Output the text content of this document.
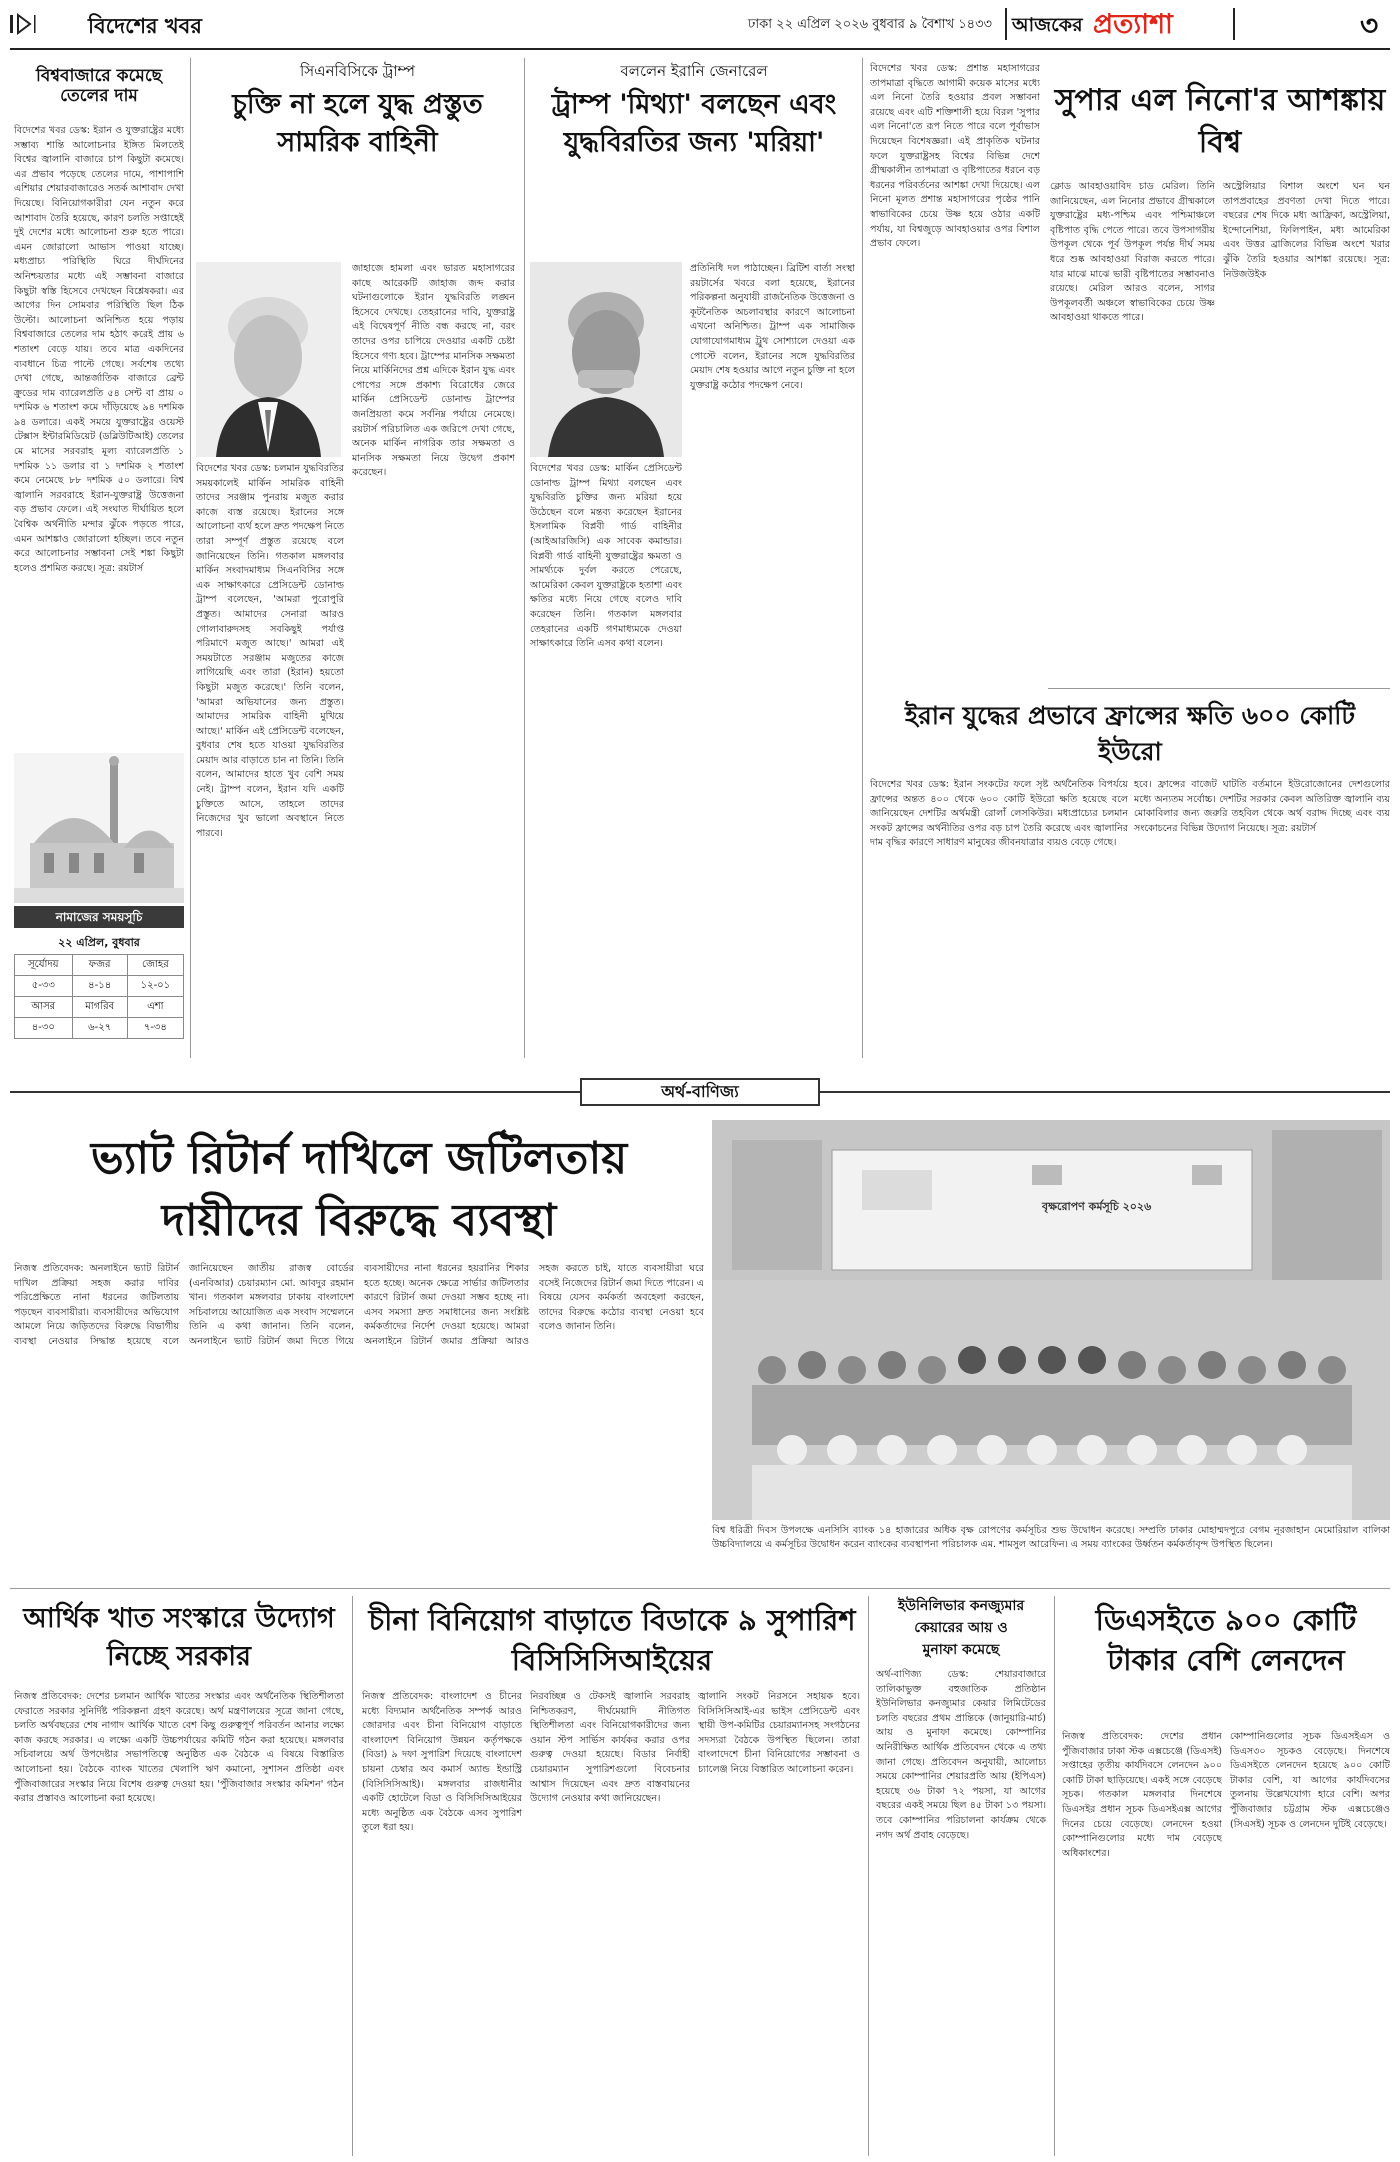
বিদেশের খবর	ঢাকা ২২ এপ্রিল ২০২৬ বুধবার ৯ বৈশাখ ১৪৩৩ আজকের প্রত্যাশা	৩
বিশ্ববাজারে কমেছে তেলের দাম
বিদেশের খবর ডেস্ক: ইরান ও যুক্তরাষ্ট্রের মধ্যে সম্ভাব্য শান্তি আলোচনার ইঙ্গিত মিলতেই বিশ্বের জ্বালানি বাজারে চাপ কিছুটা কমেছে। এর প্রভাব পড়েছে তেলের দামে, পাশাপাশি এশিয়ার শেয়ারবাজারেও সতর্ক আশাবাদ দেখা দিয়েছে। বিনিয়োগকারীরা যেন নতুন করে আশাবাদ তৈরি হয়েছে, কারণ চলতি সপ্তাহেই দুই দেশের মধ্যে আলোচনা শুরু হতে পারে। এমন জোরালো আভাস পাওয়া যাচ্ছে। মধ্যপ্রাচ্য পরিস্থিতি ঘিরে দীর্ঘদিনের অনিশ্চয়তার মধ্যে এই সম্ভাবনা বাজারে কিছুটা স্বস্তি হিসেবে দেখছেন বিশ্লেষকরা। এর আগের দিন সোমবার পরিস্থিতি ছিল ঠিক উল্টো। আলোচনা অনিশ্চিত হয়ে পড়ায় বিশ্ববাজারে তেলের দাম হঠাৎ করেই প্রায় ৬ শতাংশ বেড়ে যায়। তবে মাত্র একদিনের ব্যবধানে চিত্র পাল্টে গেছে। সর্বশেষ তথ্যে দেখা গেছে, আন্তর্জাতিক বাজারে ব্রেন্ট ক্রুডের দাম ব্যারেলপ্রতি ৫৪ সেন্ট বা প্রায় ০ দশমিক ৬ শতাংশ কমে দাঁড়িয়েছে ৯৪ দশমিক ৯৪ ডলারে। একই সময়ে যুক্তরাষ্ট্রের ওয়েস্ট টেক্সাস ইন্টারমিডিয়েট (ডব্লিউটিআই) তেলের মে মাসের সরবরাহ মূল্য ব্যারেলপ্রতি ১ দশমিক ১১ ডলার বা ১ দশমিক ২ শতাংশ কমে নেমেছে ৮৮ দশমিক ৫০ ডলারে। বিশ্ব জ্বালানি সরবরাহে ইরান-যুক্তরাষ্ট্র উত্তেজনা বড় প্রভাব ফেলে। এই সংঘাত দীর্ঘায়িত হলে বৈশ্বিক অর্থনীতি মন্দার ঝুঁকে পড়তে পারে, এমন আশঙ্কাও জোরালো হচ্ছিল। তবে নতুন করে আলোচনার সম্ভাবনা সেই শঙ্কা কিছুটা হলেও প্রশমিত করছে। সূত্র: রয়টার্স
নামাজের সময়সূচি
২২ এপ্রিল, বুধবার
সূর্যোদয়	ফজর	জোহর
৫-৩৩	৪-১৪	১২-০১
আসর	মাগরিব	এশা
৪-৩০	৬-২৭	৭-৩৪
সিএনবিসিকে ট্রাম্প
চুক্তি না হলে যুদ্ধ প্রস্তুত সামরিক বাহিনী
বিদেশের খবর ডেস্ক: চলমান যুদ্ধবিরতির সময়কালেই মার্কিন সামরিক বাহিনী তাদের সরঞ্জাম পুনরায় মজুত করার কাজে ব্যস্ত রয়েছে। ইরানের সঙ্গে আলোচনা ব্যর্থ হলে দ্রুত পদক্ষেপ নিতে তারা সম্পূর্ণ প্রস্তুত রয়েছে বলে জানিয়েছেন তিনি। গতকাল মঙ্গলবার মার্কিন সংবাদমাধ্যম সিএনবিসির সঙ্গে এক সাক্ষাৎকারে প্রেসিডেন্ট ডোনাল্ড ট্রাম্প বলেছেন, 'আমরা পুরোপুরি প্রস্তুত। আমাদের সেনারা আরও গোলাবারুদসহ সবকিছুই পর্যাপ্ত পরিমাণে মজুত আছে।' আমরা এই সময়টাতে সরঞ্জাম মজুতের কাজে লাগিয়েছি এবং তারা (ইরান) হয়তো কিছুটা মজুত করেছে।' তিনি বলেন, 'আমরা অভিযানের জন্য প্রস্তুত। আমাদের সামরিক বাহিনী মুখিয়ে আছে।' মার্কিন এই প্রেসিডেন্ট বলেছেন, বুধবার শেষ হতে যাওয়া যুদ্ধবিরতির মেয়াদ আর বাড়াতে চান না তিনি। তিনি বলেন, আমাদের হাতে খুব বেশি সময় নেই। ট্রাম্প বলেন, ইরান যদি একটি চুক্তিতে আসে, তাহলে তাদের নিজেদের খুব ভালো অবস্থানে নিতে পারবে।
জাহাজে হামলা এবং ভারত মহাসাগরের কাছে আরেকটি জাহাজ জব্দ করার ঘটনাগুলোকে ইরান যুদ্ধবিরতি লঙ্ঘন হিসেবে দেখছে। তেহরানের দাবি, যুক্তরাষ্ট্র এই বিদ্বেষপূর্ণ নীতি বন্ধ করছে না, বরং তাদের ওপর চাপিয়ে দেওয়ার একটি চেষ্টা হিসেবে গণ্য হবে। ট্রাম্পের মানসিক সক্ষমতা নিয়ে মার্কিনিদের প্রশ্ন এদিকে ইরান যুদ্ধ এবং পোপের সঙ্গে প্রকাশ্য বিরোধের জেরে মার্কিন প্রেসিডেন্ট ডোনাল্ড ট্রাম্পের জনপ্রিয়তা কমে সর্বনিম্ন পর্যায়ে নেমেছে। রয়টার্স পরিচালিত এক জরিপে দেখা গেছে, অনেক মার্কিন নাগরিক তার সক্ষমতা ও মানসিক সক্ষমতা নিয়ে উদ্বেগ প্রকাশ করেছেন।
বললেন ইরানি জেনারেল
ট্রাম্প 'মিথ্যা' বলছেন এবং যুদ্ধবিরতির জন্য 'মরিয়া'
বিদেশের খবর ডেস্ক: মার্কিন প্রেসিডেন্ট ডোনাল্ড ট্রাম্প মিথ্যা বলছেন এবং যুদ্ধবিরতি চুক্তির জন্য মরিয়া হয়ে উঠেছেন বলে মন্তব্য করেছেন ইরানের ইসলামিক বিপ্লবী গার্ড বাহিনীর (আইআরজিসি) এক সাবেক কমান্ডার। বিপ্লবী গার্ড বাহিনী যুক্তরাষ্ট্রের ক্ষমতা ও সামর্থ্যকে দুর্বল করতে পেরেছে, আমেরিকা কেবল যুক্তরাষ্ট্রকে হতাশা এবং ক্ষতির মধ্যে নিয়ে গেছে বলেও দাবি করেছেন তিনি। গতকাল মঙ্গলবার তেহরানের একটি গণমাধ্যমকে দেওয়া সাক্ষাৎকারে তিনি এসব কথা বলেন।
প্রতিনিধি দল পাঠাচ্ছেন। ব্রিটিশ বার্তা সংস্থা রয়টার্সের খবরে বলা হয়েছে, ইরানের পরিকল্পনা অনুযায়ী রাজনৈতিক উত্তেজনা ও কূটনৈতিক অচলাবস্থার কারণে আলোচনা এখনো অনিশ্চিত। ট্রাম্প এক সামাজিক যোগাযোগমাধ্যম ট্রুথ সোশ্যালে দেওয়া এক পোস্টে বলেন, ইরানের সঙ্গে যুদ্ধবিরতির মেয়াদ শেষ হওয়ার আগে নতুন চুক্তি না হলে যুক্তরাষ্ট্র কঠোর পদক্ষেপ নেবে।
বিদেশের খবর ডেস্ক: প্রশান্ত মহাসাগরের তাপমাত্রা বৃদ্ধিতে আগামী কয়েক মাসের মধ্যে এল নিনো তৈরি হওয়ার প্রবল সম্ভাবনা রয়েছে এবং এটি শক্তিশালী হয়ে বিরল 'সুপার এল নিনো'তে রূপ নিতে পারে বলে পূর্বাভাস দিয়েছেন বিশেষজ্ঞরা। এই প্রাকৃতিক ঘটনার ফলে যুক্তরাষ্ট্রসহ বিশ্বের বিভিন্ন দেশে গ্রীষ্মকালীন তাপমাত্রা ও বৃষ্টিপাতের ধরনে বড় ধরনের পরিবর্তনের আশঙ্কা দেখা দিয়েছে। এল নিনো মূলত প্রশান্ত মহাসাগরের পৃষ্ঠের পানি স্বাভাবিকের চেয়ে উষ্ণ হয়ে ওঠার একটি পর্যায়, যা বিশ্বজুড়ে আবহাওয়ার ওপর বিশাল প্রভাব ফেলে।
সুপার এল নিনো'র আশঙ্কায় বিশ্ব
ক্লোড আবহাওয়াবিদ চাড মেরিল। তিনি জানিয়েছেন, এল নিনোর প্রভাবে গ্রীষ্মকালে যুক্তরাষ্ট্রের মধ্য-পশ্চিম এবং পশ্চিমাঞ্চলে বৃষ্টিপাত বৃদ্ধি পেতে পারে। তবে উপসাগরীয় উপকূল থেকে পূর্ব উপকূল পর্যন্ত দীর্ঘ সময় ধরে শুষ্ক আবহাওয়া বিরাজ করতে পারে। যার মাঝে মাঝে ভারী বৃষ্টিপাতের সম্ভাবনাও রয়েছে। মেরিল আরও বলেন, সাগর উপকূলবর্তী অঞ্চলে স্বাভাবিকের চেয়ে উষ্ণ আবহাওয়া থাকতে পারে।
অস্ট্রেলিয়ার বিশাল অংশে ঘন ঘন তাপপ্রবাহের প্রবণতা দেখা দিতে পারে। বছরের শেষ দিকে মধ্য আফ্রিকা, অস্ট্রেলিয়া, ইন্দোনেশিয়া, ফিলিপাইন, মধ্য আমেরিকা এবং উত্তর ব্রাজিলের বিভিন্ন অংশে খরার ঝুঁকি তৈরি হওয়ার আশঙ্কা রয়েছে। সূত্র: নিউজউইক
ইরান যুদ্ধের প্রভাবে ফ্রান্সের ক্ষতি ৬০০ কোটি ইউরো
বিদেশের খবর ডেস্ক: ইরান সংকটের ফলে সৃষ্ট অর্থনৈতিক বিপর্যয়ে ফ্রান্সের অন্তত ৪০০ থেকে ৬০০ কোটি ইউরো ক্ষতি হয়েছে বলে জানিয়েছেন দেশটির অর্থমন্ত্রী রোলাঁ লেসকিউর। মধ্যপ্রাচ্যের চলমান সংকট ফ্রান্সের অর্থনীতির ওপর বড় চাপ তৈরি করেছে এবং জ্বালানির দাম বৃদ্ধির কারণে সাধারণ মানুষের জীবনযাত্রার ব্যয়ও বেড়ে গেছে।
হবে। ফ্রান্সের বাজেট ঘাটতি বর্তমানে ইউরোজোনের দেশগুলোর মধ্যে অন্যতম সর্বোচ্চ। দেশটির সরকার কেবল অতিরিক্ত জ্বালানি ব্যয় মোকাবিলার জন্য জরুরি তহবিল থেকে অর্থ বরাদ্দ দিচ্ছে এবং ব্যয় সংকোচনের বিভিন্ন উদ্যোগ নিয়েছে। সূত্র: রয়টার্স
অর্থ-বাণিজ্য
ভ্যাট রিটার্ন দাখিলে জটিলতায় দায়ীদের বিরুদ্ধে ব্যবস্থা
নিজস্ব প্রতিবেদক: অনলাইনে ভ্যাট রিটার্ন দাখিল প্রক্রিয়া সহজ করার দাবির পরিপ্রেক্ষিতে নানা ধরনের জটিলতায় পড়ছেন ব্যবসায়ীরা। ব্যবসায়ীদের অভিযোগ আমলে নিয়ে জড়িতদের বিরুদ্ধে বিভাগীয় ব্যবস্থা নেওয়ার সিদ্ধান্ত হয়েছে বলে জানিয়েছেন জাতীয় রাজস্ব বোর্ডের (এনবিআর) চেয়ারম্যান মো. আবদুর রহমান খান। গতকাল মঙ্গলবার ঢাকায় বাংলাদেশ সচিবালয়ে আয়োজিত এক সংবাদ সম্মেলনে তিনি এ কথা জানান। তিনি বলেন, অনলাইনে ভ্যাট রিটার্ন জমা দিতে গিয়ে ব্যবসায়ীদের নানা ধরনের হয়রানির শিকার হতে হচ্ছে। অনেক ক্ষেত্রে সার্ভার জটিলতার কারণে রিটার্ন জমা দেওয়া সম্ভব হচ্ছে না। এসব সমস্যা দ্রুত সমাধানের জন্য সংশ্লিষ্ট কর্মকর্তাদের নির্দেশ দেওয়া হয়েছে। আমরা অনলাইনে রিটার্ন জমার প্রক্রিয়া আরও সহজ করতে চাই, যাতে ব্যবসায়ীরা ঘরে বসেই নিজেদের রিটার্ন জমা দিতে পারেন। এ বিষয়ে যেসব কর্মকর্তা অবহেলা করছেন, তাদের বিরুদ্ধে কঠোর ব্যবস্থা নেওয়া হবে বলেও জানান তিনি।
বৃক্ষরোপণ কর্মসূচি ২০২৬
বিশ্ব ধরিত্রী দিবস উপলক্ষে এনসিসি ব্যাংক ১৪ হাজারের অধিক বৃক্ষ রোপণের কর্মসূচির শুভ উদ্বোধন করেছে। সম্প্রতি ঢাকার মোহাম্মদপুরে বেগম নূরজাহান মেমোরিয়াল বালিকা উচ্চবিদ্যালয়ে এ কর্মসূচির উদ্বোধন করেন ব্যাংকের ব্যবস্থাপনা পরিচালক এম. শামসুল আরেফিন। এ সময় ব্যাংকের উর্ধ্বতন কর্মকর্তাবৃন্দ উপস্থিত ছিলেন।
আর্থিক খাত সংস্কারে উদ্যোগ নিচ্ছে সরকার
নিজস্ব প্রতিবেদক: দেশের চলমান আর্থিক খাতের সংস্কার এবং অর্থনৈতিক স্থিতিশীলতা ফেরাতে সরকার সুনির্দিষ্ট পরিকল্পনা গ্রহণ করেছে। অর্থ মন্ত্রণালয়ের সূত্রে জানা গেছে, চলতি অর্থবছরের শেষ নাগাদ আর্থিক খাতে বেশ কিছু গুরুত্বপূর্ণ পরিবর্তন আনার লক্ষ্যে কাজ করছে সরকার। এ লক্ষ্যে একটি উচ্চপর্যায়ের কমিটি গঠন করা হয়েছে। মঙ্গলবার সচিবালয়ে অর্থ উপদেষ্টার সভাপতিত্বে অনুষ্ঠিত এক বৈঠকে এ বিষয়ে বিস্তারিত আলোচনা হয়। বৈঠকে ব্যাংক খাতের খেলাপি ঋণ কমানো, সুশাসন প্রতিষ্ঠা এবং পুঁজিবাজারের সংস্কার নিয়ে বিশেষ গুরুত্ব দেওয়া হয়। 'পুঁজিবাজার সংস্কার কমিশন' গঠন করার প্রস্তাবও আলোচনা করা হয়েছে।
চীনা বিনিয়োগ বাড়াতে বিডাকে ৯ সুপারিশ বিসিসিসিআইয়ের
নিজস্ব প্রতিবেদক: বাংলাদেশ ও চীনের মধ্যে বিদ্যমান অর্থনৈতিক সম্পর্ক আরও জোরদার এবং চীনা বিনিয়োগ বাড়াতে বাংলাদেশ বিনিয়োগ উন্নয়ন কর্তৃপক্ষকে (বিডা) ৯ দফা সুপারিশ দিয়েছে বাংলাদেশ চায়না চেম্বার অব কমার্স অ্যান্ড ইন্ডাস্ট্রি (বিসিসিসিআই)। মঙ্গলবার রাজধানীর একটি হোটেলে বিডা ও বিসিসিসিআইয়ের মধ্যে অনুষ্ঠিত এক বৈঠকে এসব সুপারিশ তুলে ধরা হয়।
নিরবচ্ছিন্ন ও টেকসই জ্বালানি সরবরাহ নিশ্চিতকরণ, দীর্ঘমেয়াদি নীতিগত স্থিতিশীলতা এবং বিনিয়োগকারীদের জন্য ওয়ান স্টপ সার্ভিস কার্যকর করার ওপর গুরুত্ব দেওয়া হয়েছে। বিডার নির্বাহী চেয়ারম্যান সুপারিশগুলো বিবেচনার আশ্বাস দিয়েছেন এবং দ্রুত বাস্তবায়নের উদ্যোগ নেওয়ার কথা জানিয়েছেন।
জ্বালানি সংকট নিরসনে সহায়ক হবে। বিসিসিসিআই-এর ভাইস প্রেসিডেন্ট এবং স্থায়ী উপ-কমিটির চেয়ারম্যানসহ সংগঠনের সদস্যরা বৈঠকে উপস্থিত ছিলেন। তারা বাংলাদেশে চীনা বিনিয়োগের সম্ভাবনা ও চ্যালেঞ্জ নিয়ে বিস্তারিত আলোচনা করেন।
ইউনিলিভার কনজ্যুমার
কেয়ারের আয় ও
মুনাফা কমেছে
অর্থ-বাণিজ্য ডেস্ক: শেয়ারবাজারে তালিকাভুক্ত বহুজাতিক প্রতিষ্ঠান ইউনিলিভার কনজ্যুমার কেয়ার লিমিটেডের চলতি বছরের প্রথম প্রান্তিকে (জানুয়ারি-মার্চ) আয় ও মুনাফা কমেছে। কোম্পানির অনিরীক্ষিত আর্থিক প্রতিবেদন থেকে এ তথ্য জানা গেছে। প্রতিবেদন অনুযায়ী, আলোচ্য সময়ে কোম্পানির শেয়ারপ্রতি আয় (ইপিএস) হয়েছে ৩৬ টাকা ৭২ পয়সা, যা আগের বছরের একই সময়ে ছিল ৪৫ টাকা ১৩ পয়সা। তবে কোম্পানির পরিচালনা কার্যক্রম থেকে নগদ অর্থ প্রবাহ বেড়েছে।
ডিএসইতে ৯০০ কোটি টাকার বেশি লেনদেন
নিজস্ব প্রতিবেদক: দেশের প্রধান পুঁজিবাজার ঢাকা স্টক এক্সচেঞ্জে (ডিএসই) সপ্তাহের তৃতীয় কার্যদিবসে লেনদেন ৯০০ কোটি টাকা ছাড়িয়েছে। একই সঙ্গে বেড়েছে সূচক। গতকাল মঙ্গলবার দিনশেষে ডিএসইর প্রধান সূচক ডিএসইএক্স আগের দিনের চেয়ে বেড়েছে। লেনদেন হওয়া কোম্পানিগুলোর মধ্যে দাম বেড়েছে অধিকাংশের।
কোম্পানিগুলোর সূচক ডিএসইএস ও ডিএস৩০ সূচকও বেড়েছে। দিনশেষে ডিএসইতে লেনদেন হয়েছে ৯০০ কোটি টাকার বেশি, যা আগের কার্যদিবসের তুলনায় উল্লেখযোগ্য হারে বেশি। অপর পুঁজিবাজার চট্টগ্রাম স্টক এক্সচেঞ্জেও (সিএসই) সূচক ও লেনদেন দুটিই বেড়েছে।
